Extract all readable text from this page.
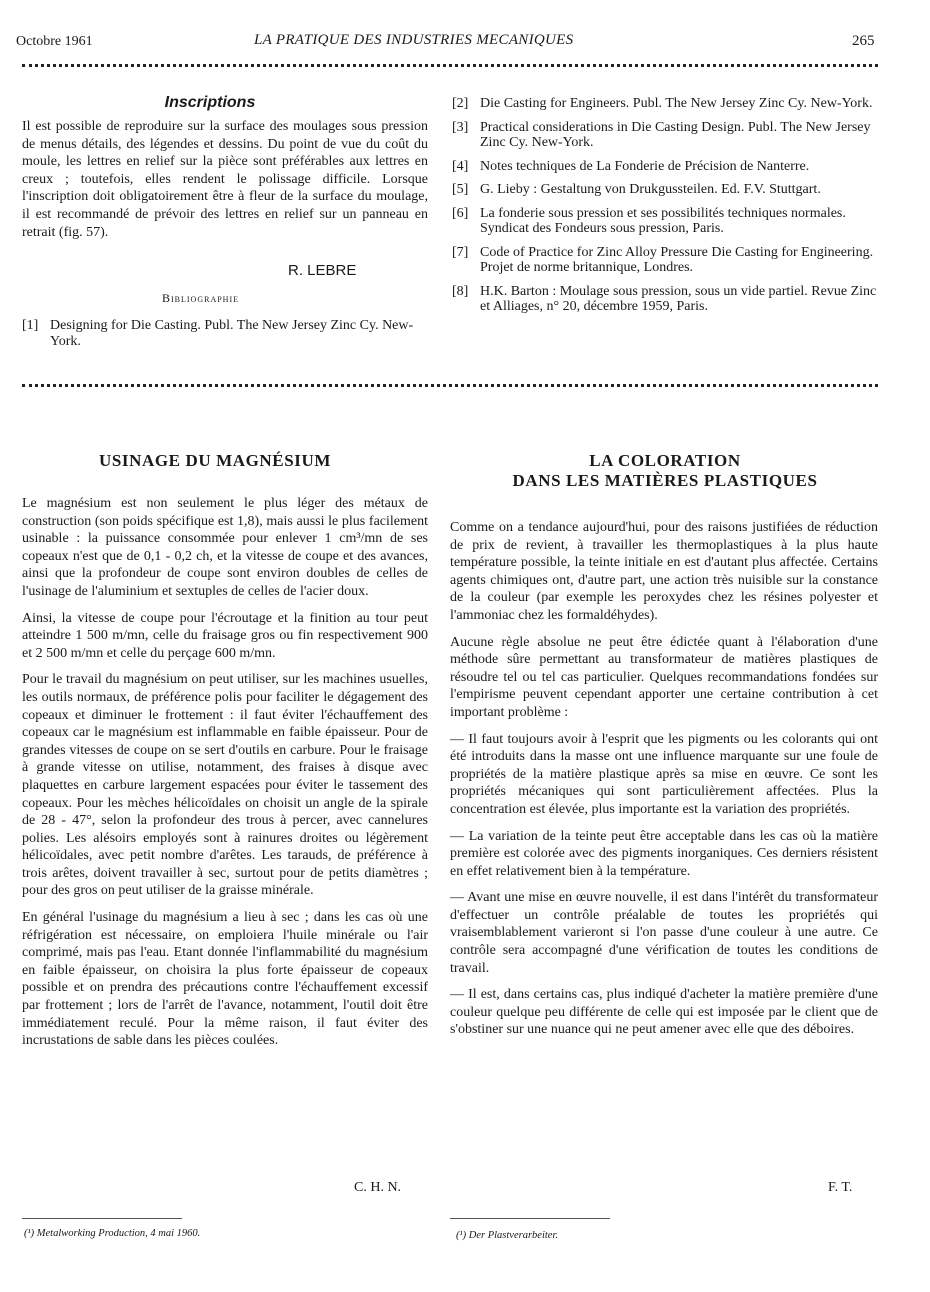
Octobre 1961	LA PRATIQUE DES INDUSTRIES MECANIQUES	265
Inscriptions

Il est possible de reproduire sur la surface des moulages sous pression de menus détails, des légendes et dessins. Du point de vue du coût du moule, les lettres en relief sur la pièce sont préférables aux lettres en creux ; toutefois, elles rendent le polissage difficile. Lorsque l'inscription doit obligatoirement être à fleur de la surface du moulage, il est recommandé de prévoir des lettres en relief sur un panneau en retrait (fig. 57).

R. LEBRE
Bibliographie
[1] Designing for Die Casting. Publ. The New Jersey Zinc Cy. New-York.
[2] Die Casting for Engineers. Publ. The New Jersey Zinc Cy. New-York.
[3] Practical considerations in Die Casting Design. Publ. The New Jersey Zinc Cy. New-York.
[4] Notes techniques de La Fonderie de Précision de Nanterre.
[5] G. Lieby : Gestaltung von Drukgussteilen. Ed. F.V. Stuttgart.
[6] La fonderie sous pression et ses possibilités techniques normales. Syndicat des Fondeurs sous pression, Paris.
[7] Code of Practice for Zinc Alloy Pressure Die Casting for Engineering. Projet de norme britannique, Londres.
[8] H.K. Barton : Moulage sous pression, sous un vide partiel. Revue Zinc et Alliages, n° 20, décembre 1959, Paris.
USINAGE DU MAGNÉSIUM

Le magnésium est non seulement le plus léger des métaux de construction (son poids spécifique est 1,8), mais aussi le plus facilement usinable : la puissance consommée pour enlever 1 cm³/mn de ses copeaux n'est que de 0,1 - 0,2 ch, et la vitesse de coupe et des avances, ainsi que la profondeur de coupe sont environ doubles de celles de l'usinage de l'aluminium et sextuples de celles de l'acier doux.

Ainsi, la vitesse de coupe pour l'écroutage et la finition au tour peut atteindre 1 500 m/mn, celle du fraisage gros ou fin respectivement 900 et 2 500 m/mn et celle du perçage 600 m/mn.

Pour le travail du magnésium on peut utiliser, sur les machines usuelles, les outils normaux, de préférence polis pour faciliter le dégagement des copeaux et diminuer le frottement : il faut éviter l'échauffement des copeaux car le magnésium est inflammable en faible épaisseur. Pour de grandes vitesses de coupe on se sert d'outils en carbure. Pour le fraisage à grande vitesse on utilise, notamment, des fraises à disque avec plaquettes en carbure largement espacées pour éviter le tassement des copeaux. Pour les mèches hélicoïdales on choisit un angle de la spirale de 28 - 47°, selon la profondeur des trous à percer, avec cannelures polies. Les alésoirs employés sont à rainures droites ou légèrement hélicoïdales, avec petit nombre d'arêtes. Les tarauds, de préférence à trois arêtes, doivent travailler à sec, surtout pour de petits diamètres ; pour des gros on peut utiliser de la graisse minérale.

En général l'usinage du magnésium a lieu à sec ; dans les cas où une réfrigération est nécessaire, on emploiera l'huile minérale ou l'air comprimé, mais pas l'eau. Etant donnée l'inflammabilité du magnésium en faible épaisseur, on choisira la plus forte épaisseur de copeaux possible et on prendra des précautions contre l'échauffement excessif par frottement ; lors de l'arrêt de l'avance, notamment, l'outil doit être immédiatement reculé. Pour la même raison, il faut éviter des incrustations de sable dans les pièces coulées.

C. H. N.
(¹) Metalworking Production, 4 mai 1960.
LA COLORATION
DANS LES MATIÈRES PLASTIQUES

Comme on a tendance aujourd'hui, pour des raisons justifiées de réduction de prix de revient, à travailler les thermoplastiques à la plus haute température possible, la teinte initiale en est d'autant plus affectée. Certains agents chimiques ont, d'autre part, une action très nuisible sur la constance de la couleur (par exemple les peroxydes chez les résines polyester et l'ammoniac chez les formaldéhydes).

Aucune règle absolue ne peut être édictée quant à l'élaboration d'une méthode sûre permettant au transformateur de matières plastiques de résoudre tel ou tel cas particulier. Quelques recommandations fondées sur l'empirisme peuvent cependant apporter une certaine contribution à cet important problème :

— Il faut toujours avoir à l'esprit que les pigments ou les colorants qui ont été introduits dans la masse ont une influence marquante sur une foule de propriétés de la matière plastique après sa mise en œuvre. Ce sont les propriétés mécaniques qui sont particulièrement affectées. Plus la concentration est élevée, plus importante est la variation des propriétés.

— La variation de la teinte peut être acceptable dans les cas où la matière première est colorée avec des pigments inorganiques. Ces derniers résistent en effet relativement bien à la température.

— Avant une mise en œuvre nouvelle, il est dans l'intérêt du transformateur d'effectuer un contrôle préalable de toutes les propriétés qui vraisemblablement varieront si l'on passe d'une couleur à une autre. Ce contrôle sera accompagné d'une vérification de toutes les conditions de travail.

— Il est, dans certains cas, plus indiqué d'acheter la matière première d'une couleur quelque peu différente de celle qui est imposée par le client que de s'obstiner sur une nuance qui ne peut amener avec elle que des déboires.

F. T.
(¹) Der Plastverarbeiter.
